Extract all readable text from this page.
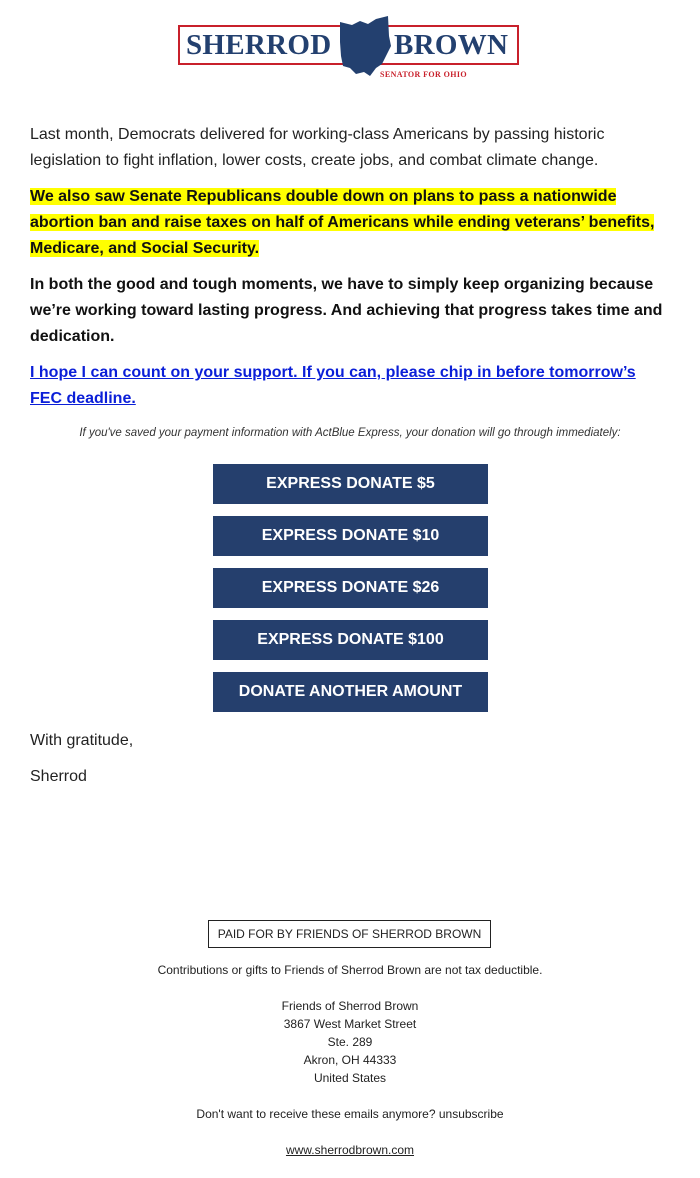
SHERROD BROWN
SENATOR FOR OHIO

Last month, Democrats delivered for working-class Americans by passing historic legislation to fight inflation, lower costs, create jobs, and combat climate change.

We also saw Senate Republicans double down on plans to pass a nationwide abortion ban and raise taxes on half of Americans while ending veterans’ benefits, Medicare, and Social Security.

In both the good and tough moments, we have to simply keep organizing because we’re working toward lasting progress. And achieving that progress takes time and dedication.

I hope I can count on your support. If you can, please chip in before tomorrow’s FEC deadline.

If you've saved your payment information with ActBlue Express, your donation will go through immediately:
EXPRESS DONATE $5
EXPRESS DONATE $10
EXPRESS DONATE $26
EXPRESS DONATE $100
DONATE ANOTHER AMOUNT
With gratitude,
Sherrod
PAID FOR BY FRIENDS OF SHERROD BROWN
Contributions or gifts to Friends of Sherrod Brown are not tax deductible.
Friends of Sherrod Brown
3867 West Market Street
Ste. 289
Akron, OH 44333
United States
Don't want to receive these emails anymore? unsubscribe
www.sherrodbrown.com
